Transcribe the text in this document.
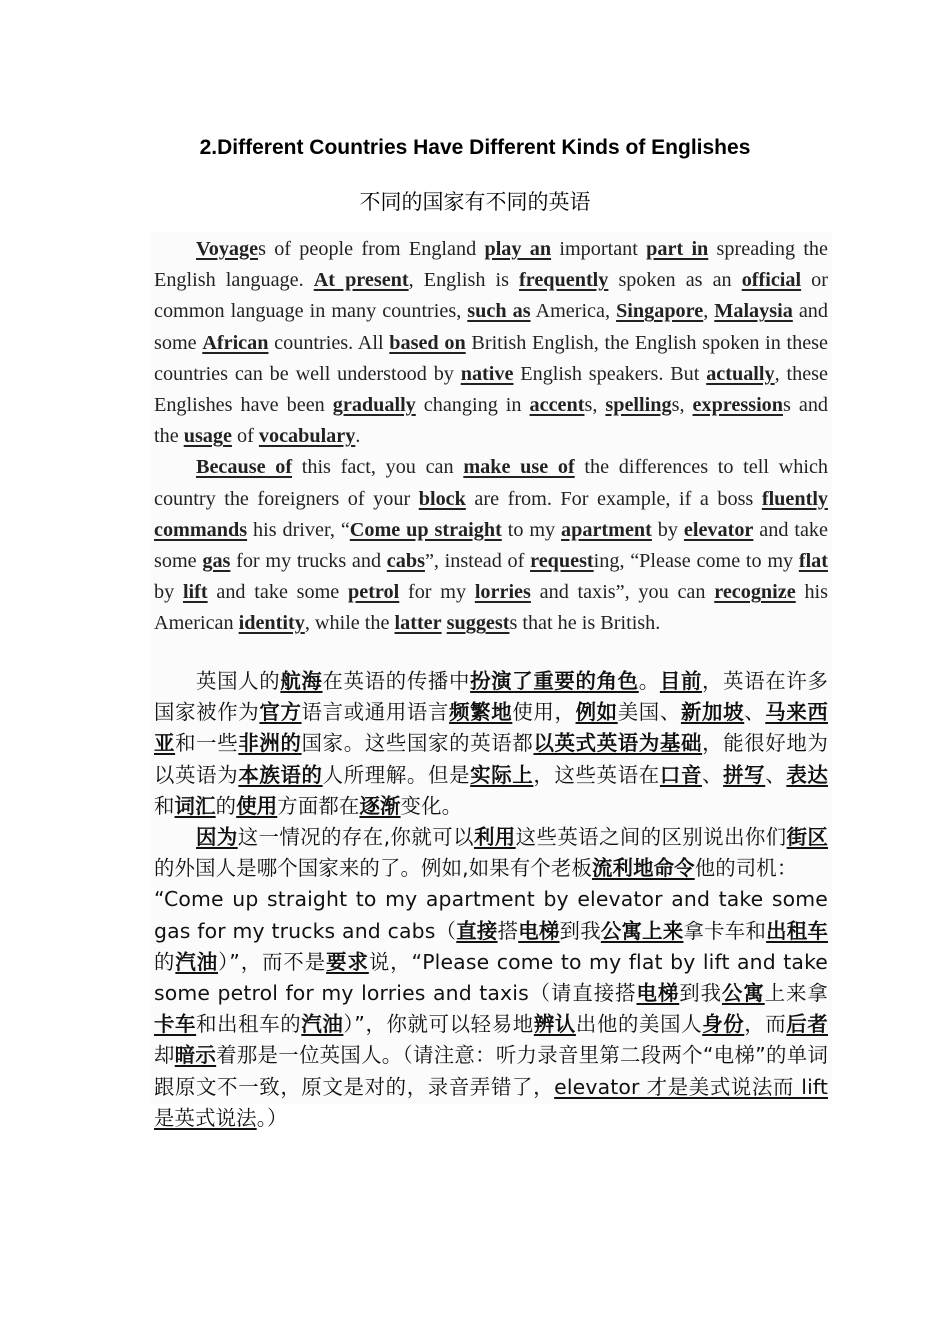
2.Different Countries Have Different Kinds of Englishes
不同的国家有不同的英语

Voyages of people from England play an important part in spreading the English language. At present, English is frequently spoken as an official or common language in many countries, such as America, Singapore, Malaysia and some African countries. All based on British English, the English spoken in these countries can be well understood by native English speakers. But actually, these Englishes have been gradually changing in accents, spellings, expressions and the usage of vocabulary.

Because of this fact, you can make use of the differences to tell which country the foreigners of your block are from. For example, if a boss fluently commands his driver, “Come up straight to my apartment by elevator and take some gas for my trucks and cabs”, instead of requesting, “Please come to my flat by lift and take some petrol for my lorries and taxis”, you can recognize his American identity, while the latter suggests that he is British.

英国人的航海在英语的传播中扮演了重要的角色。目前，英语在许多国家被作为官方语言或通用语言频繁地使用，例如美国、新加坡、马来西亚和一些非洲的国家。这些国家的英语都以英式英语为基础，能很好地为以英语为本族语的人所理解。但是实际上，这些英语在口音、拼写、表达和词汇的使用方面都在逐渐变化。

因为这一情况的存在,你就可以利用这些英语之间的区别说出你们街区的外国人是哪个国家来的了。例如,如果有个老板流利地命令他的司机：

“Come up straight to my apartment by elevator and take some gas for my trucks and cabs（直接搭电梯到我公寓上来拿卡车和出租车的汽油）”，而不是要求说，“Please come to my flat by lift and take some petrol for my lorries and taxis（请直接搭电梯到我公寓上来拿卡车和出租车的汽油）”，你就可以轻易地辨认出他的美国人身份，而后者却暗示着那是一位英国人。（请注意：听力录音里第二段两个“电梯”的单词跟原文不一致，原文是对的，录音弄错了，elevator 才是美式说法而 lift 是英式说法。）
